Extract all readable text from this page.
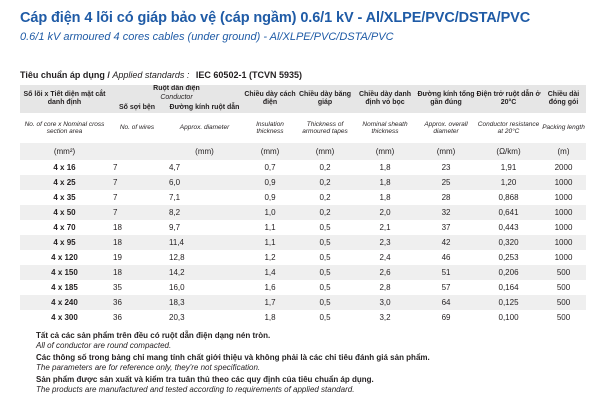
Cáp điện 4 lõi có giáp bảo vệ (cáp ngầm) 0.6/1 kV - Al/XLPE/PVC/DSTA/PVC
0.6/1 kV armoured 4 cores cables (under ground) - Al/XLPE/PVC/DSTA/PVC
Tiêu chuẩn áp dụng / Applied standards : IEC 60502-1 (TCVN 5935)
Số lõi x Tiết diện mặt cắt danh định	Ruột dẫn điện
Conductor		Chiều dày cách điện	Chiều dày băng giáp	Chiều dày danh định vỏ bọc	Đường kính tổng gần đúng	Điện trở ruột dẫn ở 20°C	Chiều dài đóng gói
	Số sợi bện	Đường kính ruột dẫn						
No. of core x Nominal cross section area	No. of wires	Approx. diameter	Insulation thickness	Thickness of armoured tapes	Nominal sheath thickness	Approx. overall diameter	Conductor resistance at 20°C	Packing length
(mm²)		(mm)	(mm)	(mm)	(mm)	(mm)	(Ω/km)	(m)
4 x 16	7	4,7	0,7	0,2	1,8	23	1,91	2000
4 x 25	7	6,0	0,9	0,2	1,8	25	1,20	1000
4 x 35	7	7,1	0,9	0,2	1,8	28	0,868	1000
4 x 50	7	8,2	1,0	0,2	2,0	32	0,641	1000
4 x 70	18	9,7	1,1	0,5	2,1	37	0,443	1000
4 x 95	18	11,4	1,1	0,5	2,3	42	0,320	1000
4 x 120	19	12,8	1,2	0,5	2,4	46	0,253	1000
4 x 150	18	14,2	1,4	0,5	2,6	51	0,206	500
4 x 185	35	16,0	1,6	0,5	2,8	57	0,164	500
4 x 240	36	18,3	1,7	0,5	3,0	64	0,125	500
4 x 300	36	20,3	1,8	0,5	3,2	69	0,100	500
Tất cả các sản phẩm trên đều có ruột dẫn điện dạng nén tròn.
All of conductor are round compacted.
Các thông số trong bảng chỉ mang tính chất giới thiệu và không phải là các chỉ tiêu đánh giá sản phẩm.
The parameters are for reference only, they're not specification.
Sản phẩm được sản xuất và kiểm tra tuân thủ theo các quy định của tiêu chuẩn áp dụng.
The products are manufactured and tested according to requirements of applied standard.
